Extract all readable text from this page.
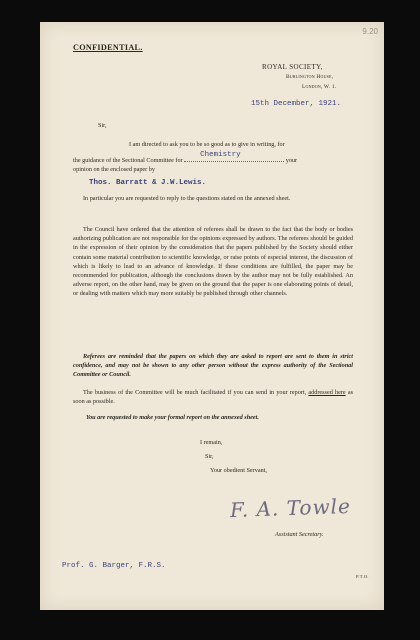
CONFIDENTIAL.
9.20
ROYAL SOCIETY,
Burlington House,
London, W. 1.
15th December, 1921.
Sir,
I am directed to ask you to be so good as to give in writing, for
the guidance of the Sectional Committee for
Chemistry
your
opinion on the enclosed paper by
Thos. Barratt & J.W.Lewis.
In particular you are requested to reply to the questions stated on the annexed sheet.
The Council have ordered that the attention of referees shall be drawn to the fact that the body or bodies authorizing publication are not responsible for the opinions expressed by authors. The referees should be guided in the expression of their opinion by the consideration that the papers published by the Society should either contain some material contribution to scientific knowledge, or raise points of especial interest, the discussion of which is likely to lead to an advance of knowledge. If these conditions are fulfilled, the paper may be recommended for publication, although the conclusions drawn by the author may not be fully established. An adverse report, on the other hand, may be given on the ground that the paper is one elaborating points of detail, or dealing with matters which may more suitably be published through other channels.
Referees are reminded that the papers on which they are asked to report are sent to them in strict confidence, and may not be shown to any other person without the express authority of the Sectional Committee or Council.
The business of the Committee will be much facilitated if you can send in your report, addressed here as soon as possible.
You are requested to make your formal report on the annexed sheet.
I remain,
Sir,
Your obedient Servant,
F. A. Towle
Assistant Secretary.
Prof. G. Barger, F.R.S.
P.T.O.
